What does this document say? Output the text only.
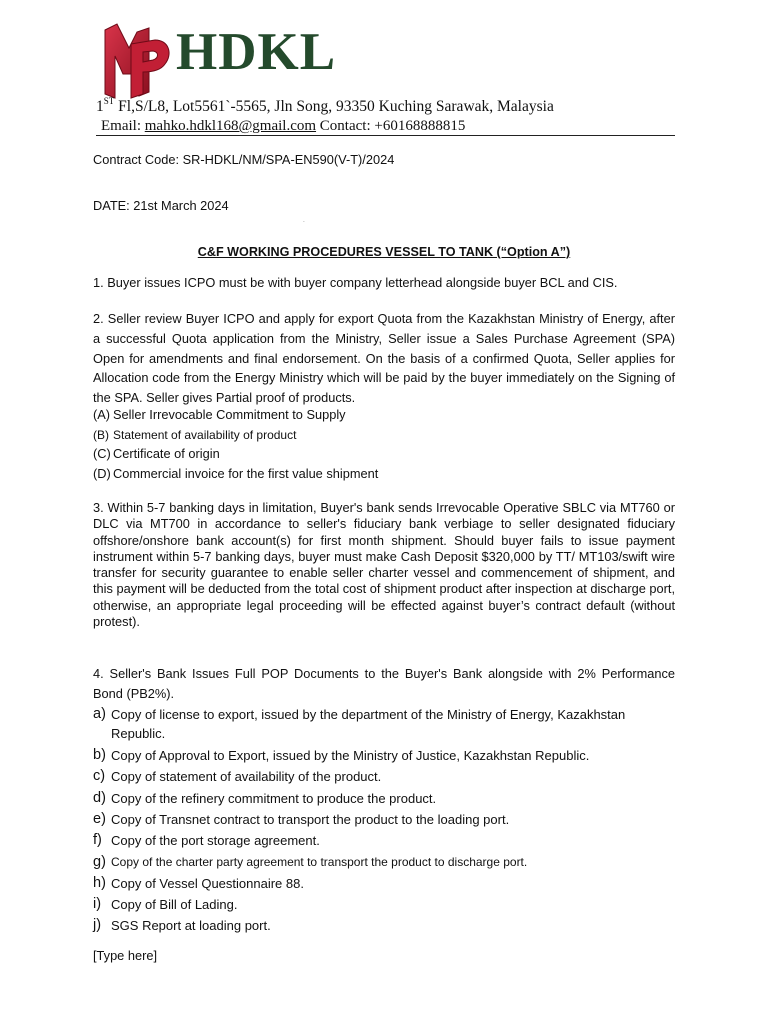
MP
HDKL
1ST Fl,S/L8, Lot5561`-5565, Jln Song, 93350 Kuching Sarawak, Malaysia
Email: mahko.hdkl168@gmail.com Contact: +60168888815
Contract Code: SR-HDKL/NM/SPA-EN590(V-T)/2024
DATE: 21st March 2024
C&F WORKING PROCEDURES VESSEL TO TANK (“Option A”)
1. Buyer issues ICPO must be with buyer company letterhead alongside buyer BCL and CIS.
2. Seller review Buyer ICPO and apply for export Quota from the Kazakhstan Ministry of Energy, after a successful Quota application from the Ministry, Seller issue a Sales Purchase Agreement (SPA) Open for amendments and final endorsement. On the basis of a confirmed Quota, Seller applies for Allocation code from the Energy Ministry which will be paid by the buyer immediately on the Signing of the SPA. Seller gives Partial proof of products.
(A) Seller Irrevocable Commitment to Supply
(B) Statement of availability of product
(C) Certificate of origin
(D) Commercial invoice for the first value shipment
3. Within 5-7 banking days in limitation, Buyer's bank sends Irrevocable Operative SBLC via MT760 or DLC via MT700 in accordance to seller's fiduciary bank verbiage to seller designated fiduciary offshore/onshore bank account(s) for first month shipment. Should buyer fails to issue payment instrument within 5-7 banking days, buyer must make Cash Deposit $320,000 by TT/ MT103/swift wire transfer for security guarantee to enable seller charter vessel and commencement of shipment, and this payment will be deducted from the total cost of shipment product after inspection at discharge port, otherwise, an appropriate legal proceeding will be effected against buyer’s contract default (without protest).
4. Seller's Bank Issues Full POP Documents to the Buyer's Bank alongside with 2% Performance Bond (PB2%).
a) Copy of license to export, issued by the department of the Ministry of Energy, Kazakhstan Republic.
b) Copy of Approval to Export, issued by the Ministry of Justice, Kazakhstan Republic.
c) Copy of statement of availability of the product.
d) Copy of the refinery commitment to produce the product.
e) Copy of Transnet contract to transport the product to the loading port.
f) Copy of the port storage agreement.
g) Copy of the charter party agreement to transport the product to discharge port.
h) Copy of Vessel Questionnaire 88.
i) Copy of Bill of Lading.
j) SGS Report at loading port.
[Type here]
